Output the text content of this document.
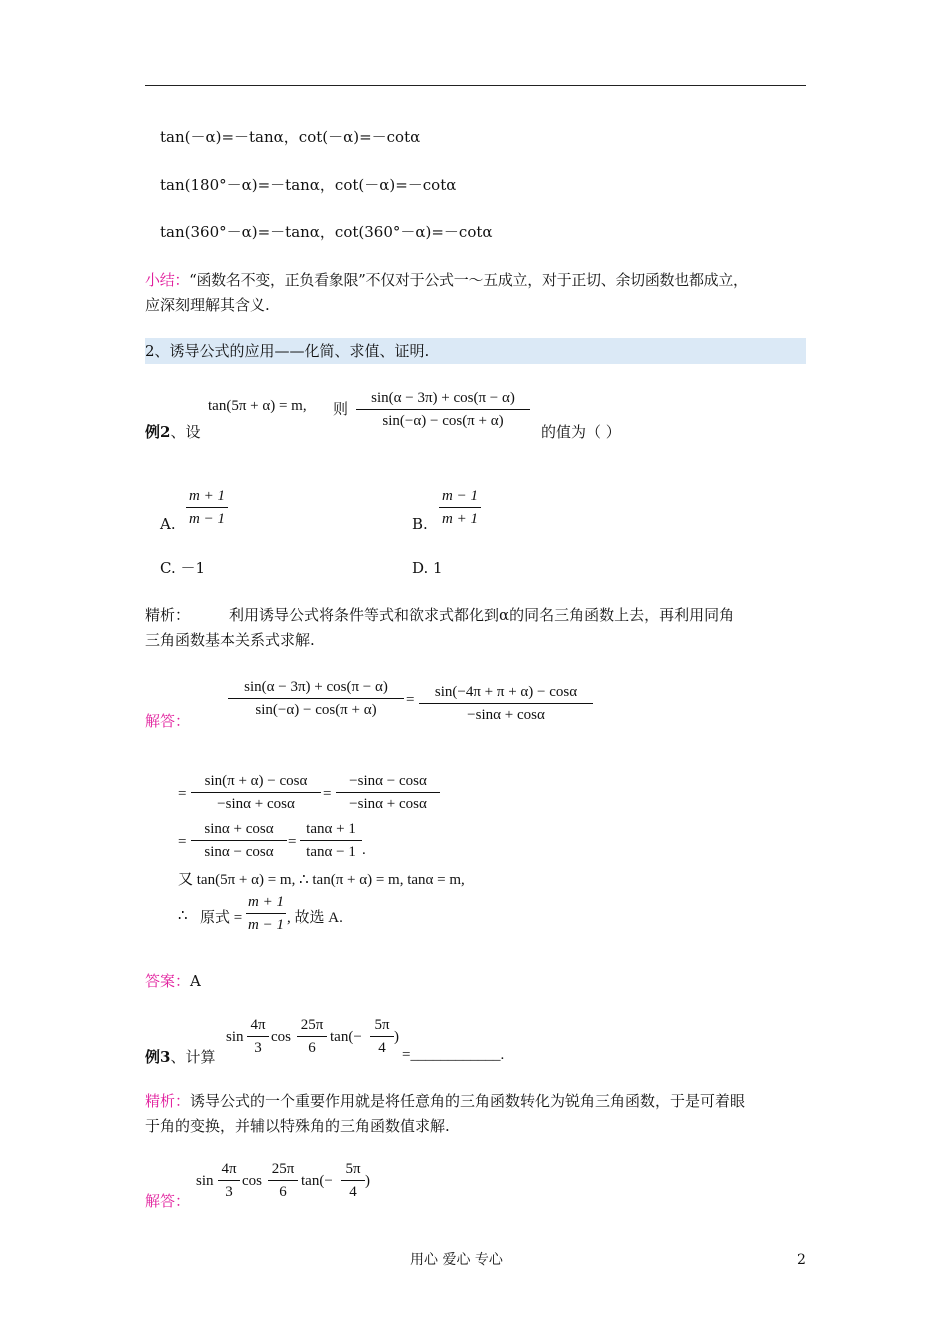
tan(－α)=－tanα，cot(－α)=－cotα
tan(180°－α)=－tanα，cot(－α)=－cotα
tan(360°－α)=－tanα，cot(360°－α)=－cotα
小结：“函数名不变，正负看象限”不仅对于公式一～五成立，对于正切、余切函数也都成立，
应深刻理解其含义.
2、诱导公式的应用——化简、求值、证明.
例2、设
tan(5π + α) = m, 则
sin(α − 3π) + cos(π − α)
sin(−α) − cos(π + α)
的值为（ ）
A.
m + 1
m − 1	B.
m − 1
m + 1
C. －1	D. 1
精析：	利用诱导公式将条件等式和欲求式都化到α的同名三角函数上去，再利用同角
三角函数基本关系式求解.
解答：
sin(α − 3π) + cos(π − α)
sin(−α) − cos(π + α)
=	sin(−4π + π + α) − cosα
−sinα + cosα
=
sin(π + α) − cosα
−sinα + cosα
=
−sinα − cosα
−sinα + cosα
=
sinα + cosα
sinα − cosα
=
tanα + 1
tanα − 1 .
又 tan(5π + α) = m, ∴ tan(π + α) = m, tanα = m,
∴ 原式 =
m + 1
m − 1 , 故选 A.
答案：A
例3、计算
sin
4π
3
cos
25π
6
tan(−
5π
4
)
=____________.
精析：诱导公式的一个重要作用就是将任意角的三角函数转化为锐角三角函数，于是可着眼
于角的变换，并辅以特殊角的三角函数值求解.
解答：
sin
4π
3
cos
25π
6
tan(−
5π
4
)
用心 爱心 专心	2
